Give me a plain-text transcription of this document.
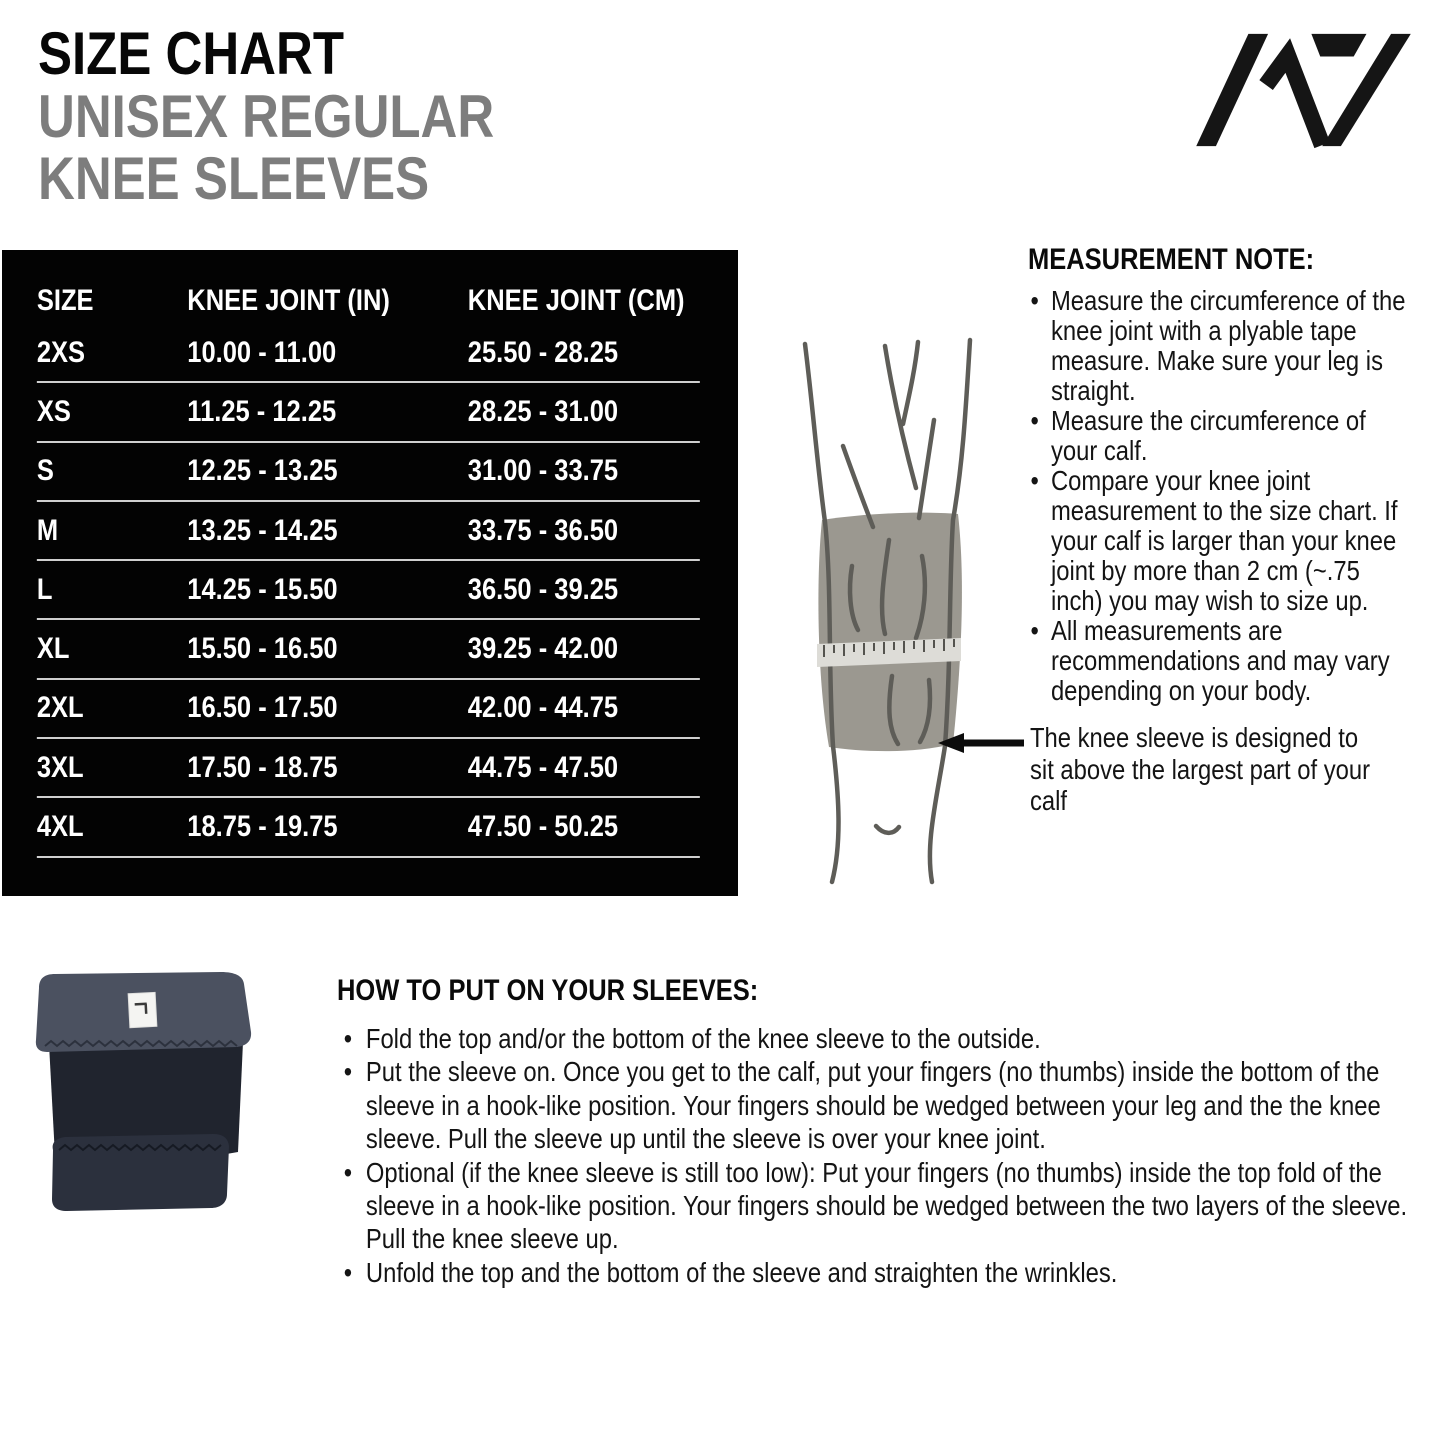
SIZE CHART
UNISEX REGULAR
KNEE SLEEVES
SIZE	KNEE JOINT (IN)	KNEE JOINT (CM)
2XS	10.00 - 11.00	25.50 - 28.25
XS	11.25 - 12.25	28.25 - 31.00
S	12.25 - 13.25	31.00 - 33.75
M	13.25 - 14.25	33.75 - 36.50
L	14.25 - 15.50	36.50 - 39.25
XL	15.50 - 16.50	39.25 - 42.00
2XL	16.50 - 17.50	42.00 - 44.75
3XL	17.50 - 18.75	44.75 - 47.50
4XL	18.75 - 19.75	47.50 - 50.25

MEASUREMENT NOTE:

• Measure the circumference of the knee joint with a plyable tape measure. Make sure your leg is straight.
• Measure the circumference of your calf.
• Compare your knee joint measurement to the size chart. If your calf is larger than your knee joint by more than 2 cm (~.75 inch) you may wish to size up.
• All measurements are recommendations and may vary depending on your body.
The knee sleeve is designed to sit above the largest part of your calf

HOW TO PUT ON YOUR SLEEVES:

• Fold the top and/or the bottom of the knee sleeve to the outside.
• Put the sleeve on. Once you get to the calf, put your fingers (no thumbs) inside the bottom of the sleeve in a hook-like position. Your fingers should be wedged between your leg and the the knee sleeve. Pull the sleeve up until the sleeve is over your knee joint.
• Optional (if the knee sleeve is still too low): Put your fingers (no thumbs) inside the top fold of the sleeve in a hook-like position. Your fingers should be wedged between the two layers of the sleeve. Pull the knee sleeve up.
• Unfold the top and the bottom of the sleeve and straighten the wrinkles.
